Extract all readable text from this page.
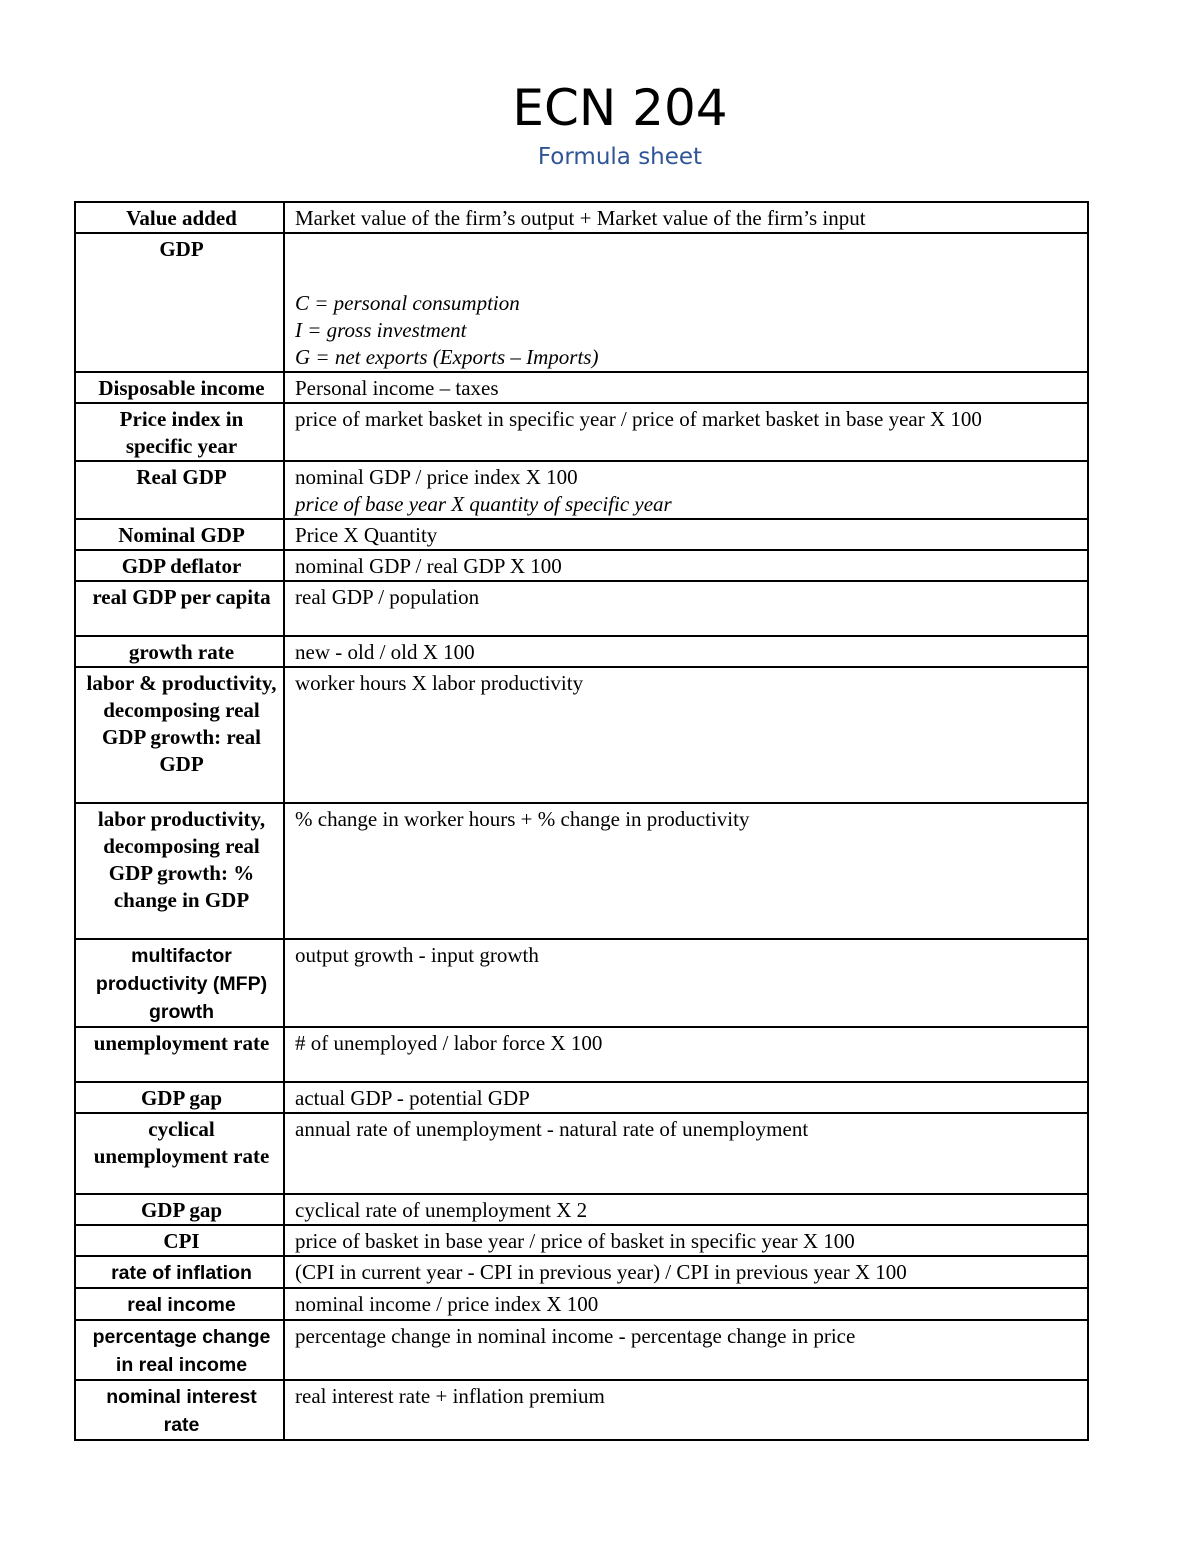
ECN 204
Formula sheet
Value added	Market value of the firm’s output + Market value of the firm’s input

GDP	C = personal consumption
I = gross investment
G = net exports (Exports – Imports)

Disposable income	Personal income – taxes

Price index in specific year	price of market basket in specific year / price of market basket in base year X 100

Real GDP	nominal GDP / price index X 100
price of base year X quantity of specific year

Nominal GDP	Price X Quantity

GDP deflator	nominal GDP / real GDP X 100

real GDP per capita	real GDP / population

growth rate	new - old / old X 100

labor & productivity, decomposing real GDP growth: real GDP	worker hours X labor productivity

labor productivity, decomposing real GDP growth: % change in GDP	% change in worker hours + % change in productivity

multifactor productivity (MFP) growth	output growth - input growth

unemployment rate	# of unemployed / labor force X 100

GDP gap	actual GDP - potential GDP

cyclical unemployment rate	annual rate of unemployment - natural rate of unemployment

GDP gap	cyclical rate of unemployment X 2

CPI	price of basket in base year / price of basket in specific year X 100

rate of inflation	(CPI in current year - CPI in previous year) / CPI in previous year X 100

real income	nominal income / price index X 100

percentage change in real income	percentage change in nominal income - percentage change in price

nominal interest rate	real interest rate + inflation premium
